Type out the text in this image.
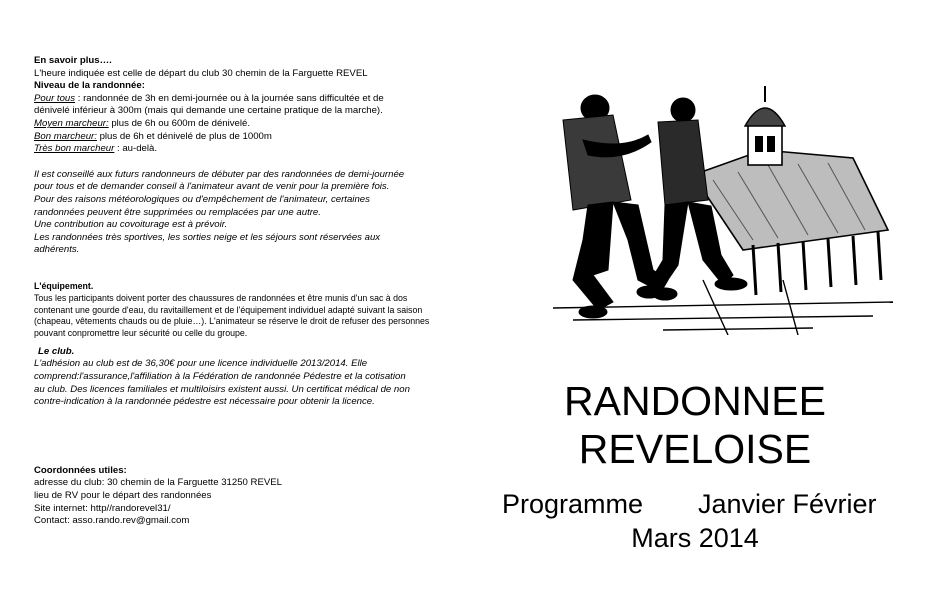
En savoir plus….

L'heure indiquée est celle de départ du club 30 chemin de la Farguette REVEL

Niveau de la randonnée:

Pour tous : randonnée de 3h en demi-journée ou à la journée sans difficultée et de

dénivelé inférieur à 300m (mais qui demande une certaine pratique de la marche).

Moyen marcheur: plus de 6h ou 600m de dénivelé.

Bon marcheur: plus de 6h et dénivelé de plus de 1000m

Très bon marcheur : au-delà.

Il est conseillé aux futurs randonneurs de débuter par des randonnées de demi-journée

pour tous et de demander conseil à l'animateur avant de venir pour la première fois.

Pour des raisons météorologiques ou d'empêchement de l'animateur, certaines

randonnées peuvent être supprimées ou remplacées par une autre.

Une contribution au covoiturage est à prévoir.

Les randonnées très sportives, les sorties neige et les séjours sont réservées aux

adhérents.

L'équipement.

Tous les participants doivent porter des chaussures de randonnées et être munis d'un sac à dos

contenant une gourde d'eau, du ravitaillement et de l'équipement individuel adapté suivant la saison

(chapeau, vêtements chauds ou de pluie…). L'animateur se réserve le droit de refuser des personnes

pouvant conpromettre leur sécurité ou celle du groupe.

Le club.

L'adhésion au club est de 36,30€ pour une licence individuelle 2013/2014. Elle

comprend:l'assurance,l'affiliation à la Fédération de randonnée Pédestre et la cotisation

au club. Des licences familiales et multiloisirs existent aussi. Un certificat médical de non

contre-indication à la randonnée pédestre est nécessaire pour obtenir la licence.

Coordonnées utiles:

adresse du club: 30 chemin de la Farguette 31250 REVEL

lieu de RV pour le départ des randonnées

Site internet: http//randorevel31/

Contact: asso.rando.rev@gmail.com

RANDONNEE
REVELOISE
Programme Janvier Février
Mars 2014
